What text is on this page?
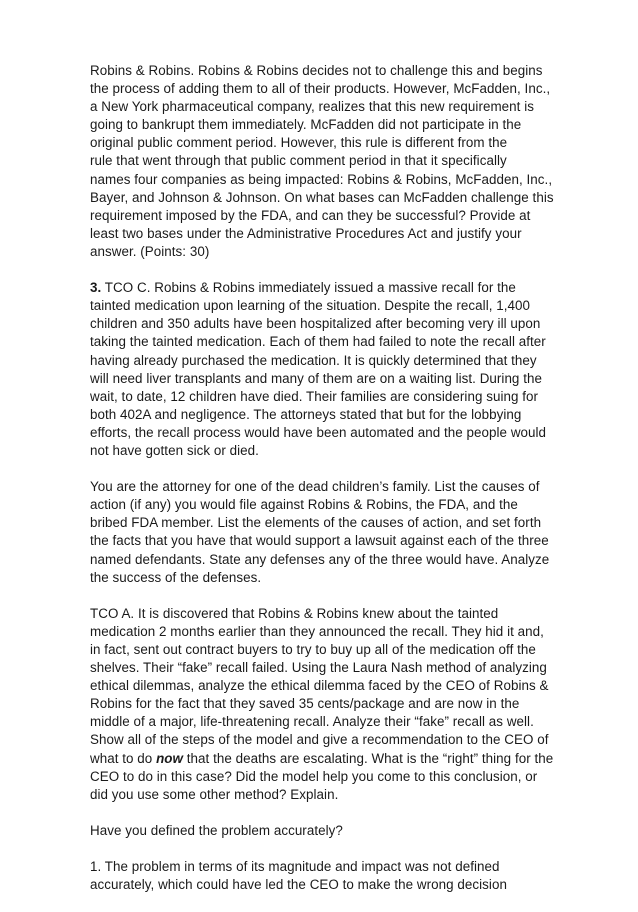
Robins & Robins. Robins & Robins decides not to challenge this and begins
the process of adding them to all of their products. However, McFadden, Inc.,
a New York pharmaceutical company, realizes that this new requirement is
going to bankrupt them immediately. McFadden did not participate in the
original public comment period. However, this rule is different from the
rule that went through that public comment period in that it specifically
names four companies as being impacted: Robins & Robins, McFadden, Inc.,
Bayer, and Johnson & Johnson. On what bases can McFadden challenge this
requirement imposed by the FDA, and can they be successful? Provide at
least two bases under the Administrative Procedures Act and justify your
answer. (Points: 30)
3. TCO C. Robins & Robins immediately issued a massive recall for the
tainted medication upon learning of the situation. Despite the recall, 1,400
children and 350 adults have been hospitalized after becoming very ill upon
taking the tainted medication. Each of them had failed to note the recall after
having already purchased the medication. It is quickly determined that they
will need liver transplants and many of them are on a waiting list. During the
wait, to date, 12 children have died. Their families are considering suing for
both 402A and negligence. The attorneys stated that but for the lobbying
efforts, the recall process would have been automated and the people would
not have gotten sick or died.
You are the attorney for one of the dead children’s family. List the causes of
action (if any) you would file against Robins & Robins, the FDA, and the
bribed FDA member. List the elements of the causes of action, and set forth
the facts that you have that would support a lawsuit against each of the three
named defendants. State any defenses any of the three would have. Analyze
the success of the defenses.
TCO A. It is discovered that Robins & Robins knew about the tainted
medication 2 months earlier than they announced the recall. They hid it and,
in fact, sent out contract buyers to try to buy up all of the medication off the
shelves. Their “fake” recall failed. Using the Laura Nash method of analyzing
ethical dilemmas, analyze the ethical dilemma faced by the CEO of Robins &
Robins for the fact that they saved 35 cents/package and are now in the
middle of a major, life-threatening recall. Analyze their “fake” recall as well.
Show all of the steps of the model and give a recommendation to the CEO of
what to do now that the deaths are escalating. What is the “right” thing for the
CEO to do in this case? Did the model help you come to this conclusion, or
did you use some other method? Explain.
Have you defined the problem accurately?
1. The problem in terms of its magnitude and impact was not defined
accurately, which could have led the CEO to make the wrong decision
